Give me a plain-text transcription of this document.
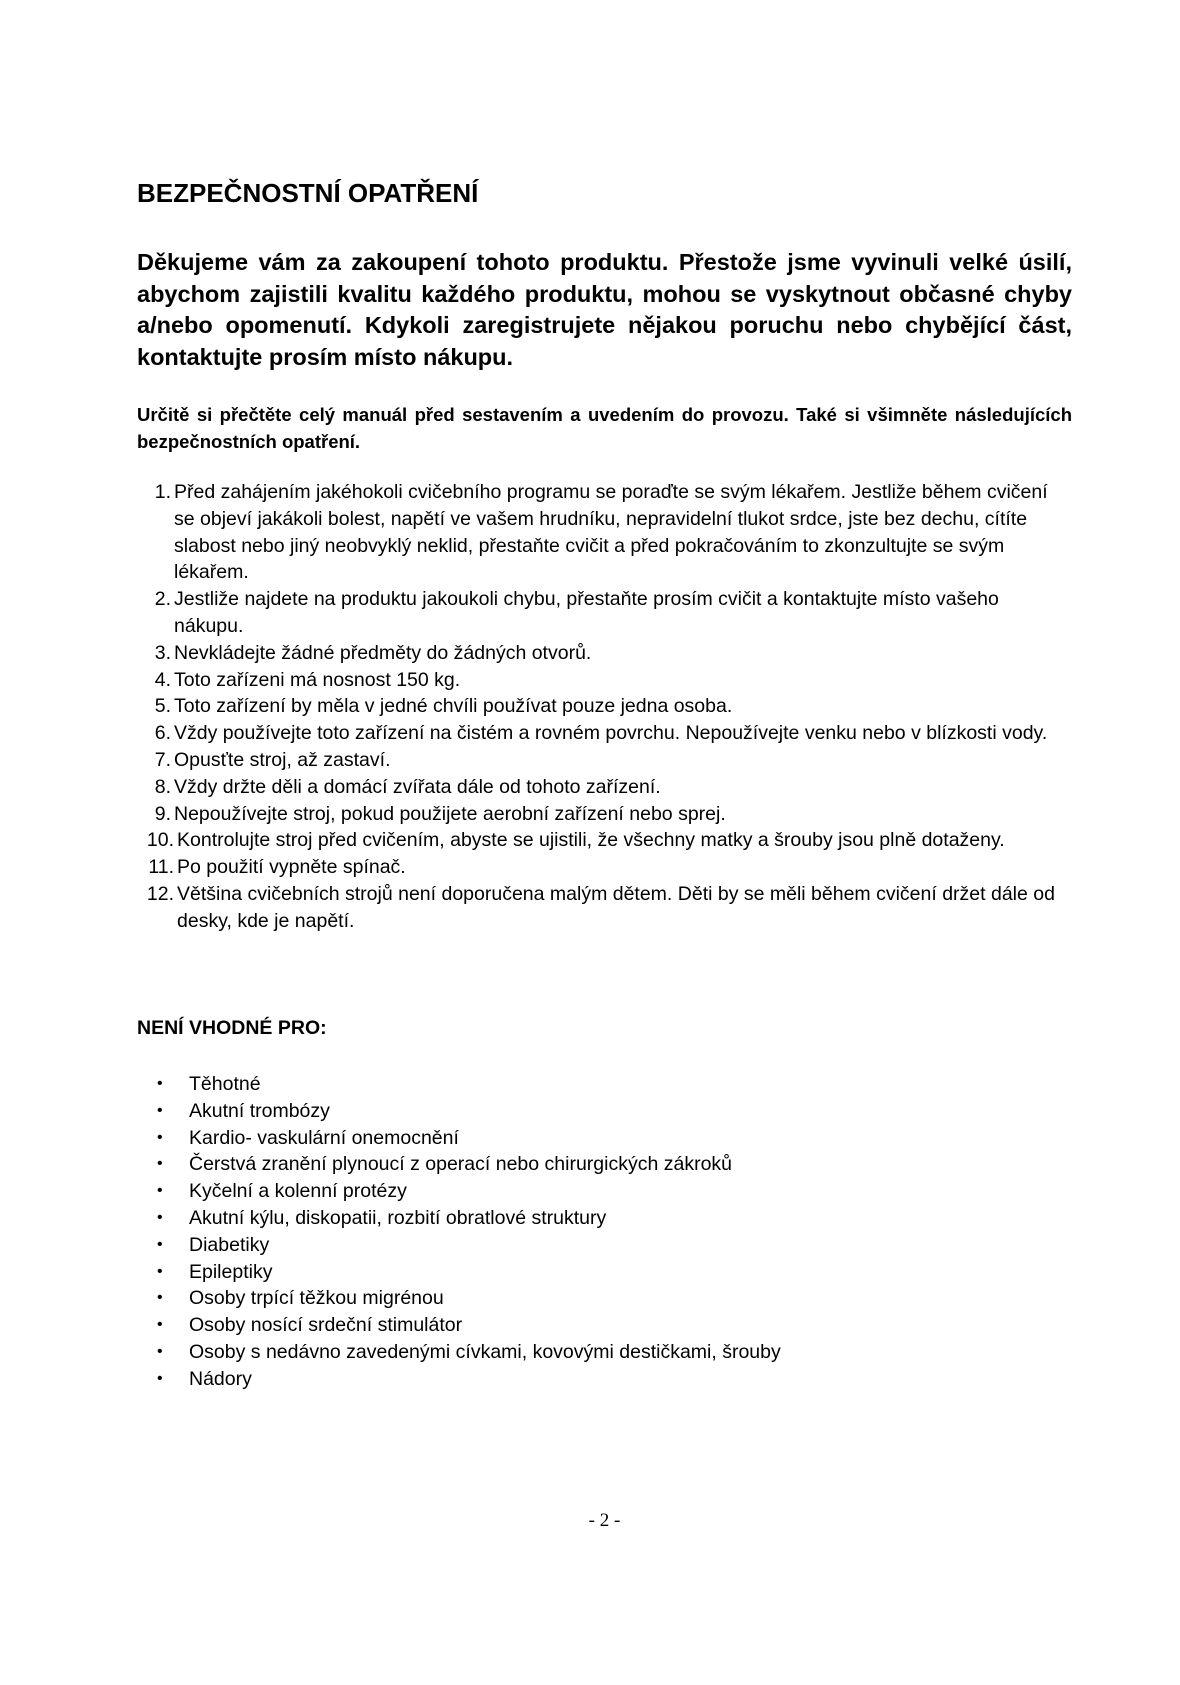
BEZPEČNOSTNÍ OPATŘENÍ

Děkujeme vám za zakoupení tohoto produktu. Přestože jsme vyvinuli velké úsilí, abychom zajistili kvalitu každého produktu, mohou se vyskytnout občasné chyby a/nebo opomenutí. Kdykoli zaregistrujete nějakou poruchu nebo chybějící část, kontaktujte prosím místo nákupu.

Určitě si přečtěte celý manuál před sestavením a uvedením do provozu. Také si všimněte následujících bezpečnostních opatření.

1. Před zahájením jakéhokoli cvičebního programu se poraďte se svým lékařem. Jestliže během cvičení se objeví jakákoli bolest, napětí ve vašem hrudníku, nepravidelní tlukot srdce, jste bez dechu, cítíte slabost nebo jiný neobvyklý neklid, přestaňte cvičit a před pokračováním to zkonzultujte se svým lékařem.
2. Jestliže najdete na produktu jakoukoli chybu, přestaňte prosím cvičit a kontaktujte místo vašeho nákupu.
3. Nevkládejte žádné předměty do žádných otvorů.
4. Toto zařízeni má nosnost 150 kg.
5. Toto zařízení by měla v jedné chvíli používat pouze jedna osoba.
6. Vždy používejte toto zařízení na čistém a rovném povrchu. Nepoužívejte venku nebo v blízkosti vody.
7. Opusťte stroj, až zastaví.
8. Vždy držte děli a domácí zvířata dále od tohoto zařízení.
9. Nepoužívejte stroj, pokud použijete aerobní zařízení nebo sprej.
10. Kontrolujte stroj před cvičením, abyste se ujistili, že všechny matky a šrouby jsou plně dotaženy.
11. Po použití vypněte spínač.
12. Většina cvičebních strojů není doporučena malým dětem. Děti by se měli během cvičení držet dále od desky, kde je napětí.
NENÍ VHODNÉ PRO:
• Těhotné
• Akutní trombózy
• Kardio- vaskulární onemocnění
• Čerstvá zranění plynoucí z operací nebo chirurgických zákroků
• Kyčelní a kolenní protézy
• Akutní kýlu, diskopatii, rozbití obratlové struktury
• Diabetiky
• Epileptiky
• Osoby trpící těžkou migrénou
• Osoby nosící srdeční stimulátor
• Osoby s nedávno zavedenými cívkami, kovovými destičkami, šrouby
• Nádory
- 2 -
